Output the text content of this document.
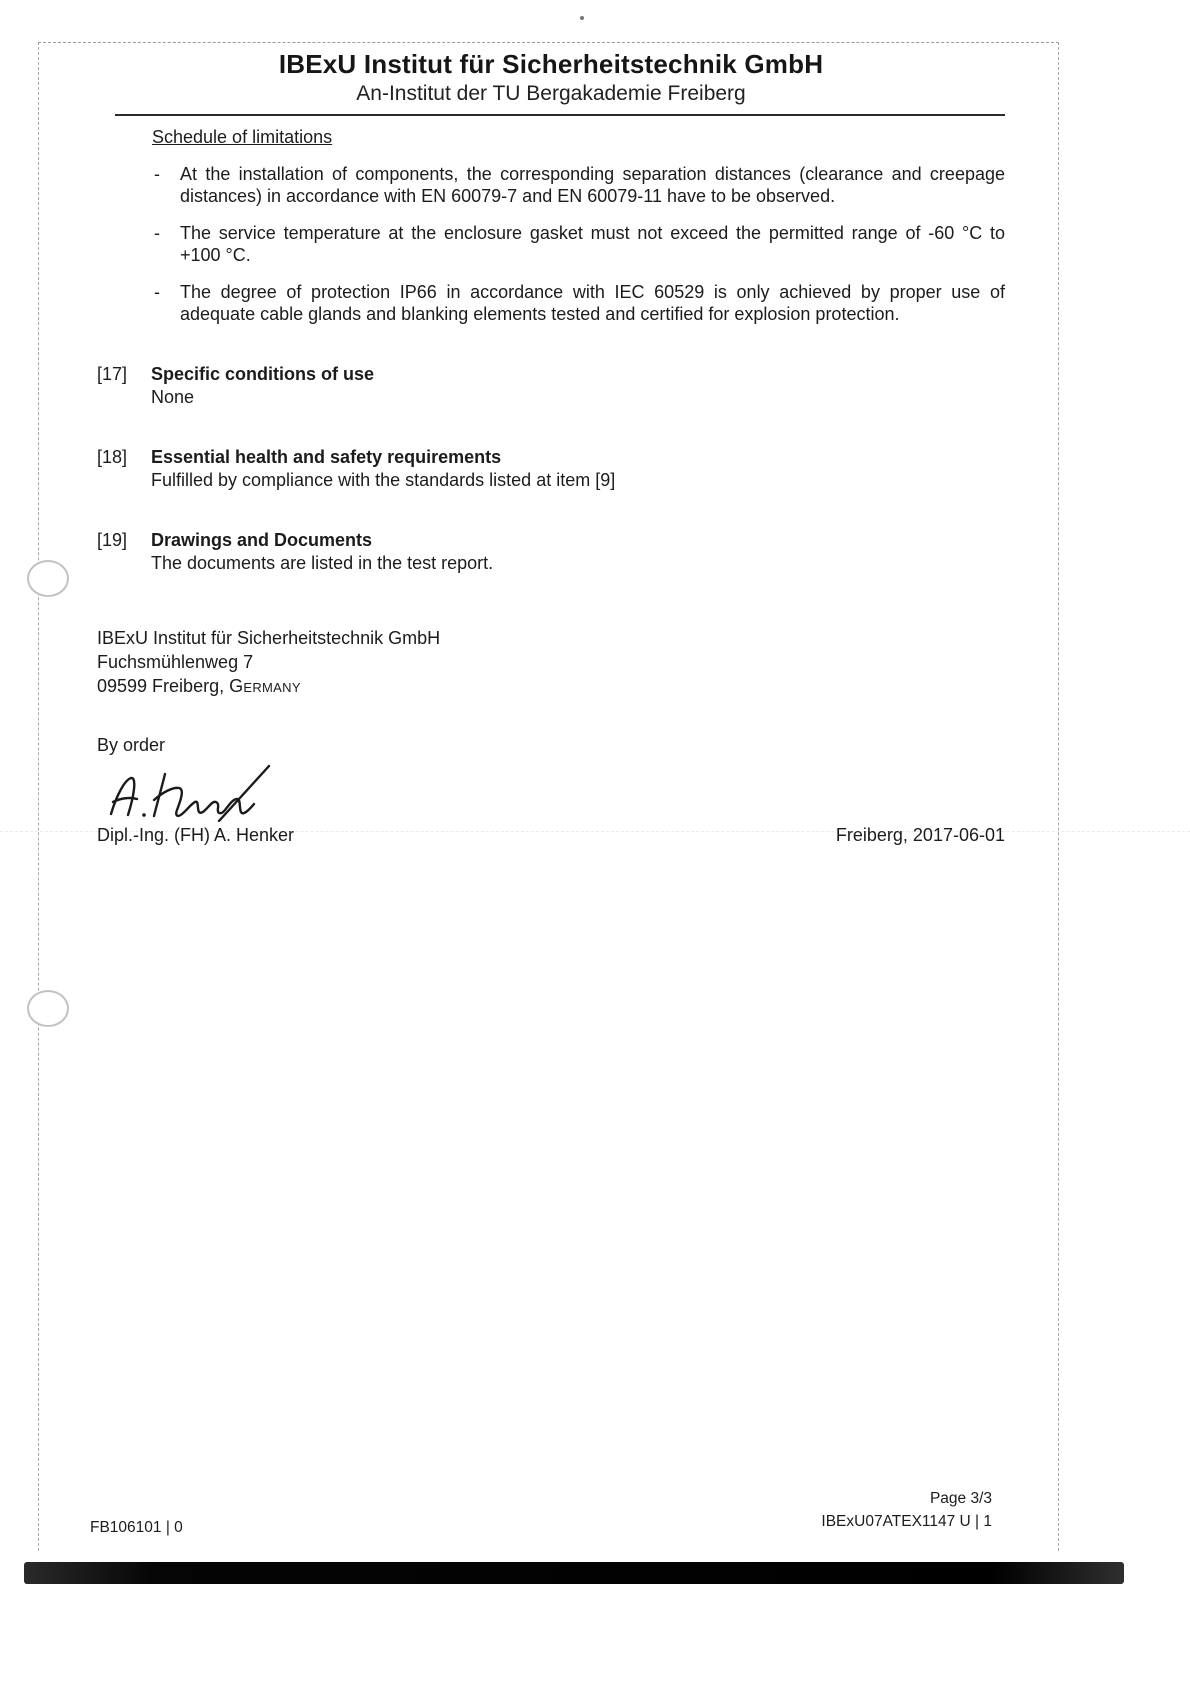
IBExU Institut für Sicherheitstechnik GmbH
An-Institut der TU Bergakademie Freiberg
Schedule of limitations
-	At the installation of components, the corresponding separation distances (clearance and creepage distances) in accordance with EN 60079-7 and EN 60079-11 have to be observed.
-	The service temperature at the enclosure gasket must not exceed the permitted range of -60 °C to +100 °C.
-	The degree of protection IP66 in accordance with IEC 60529 is only achieved by proper use of adequate cable glands and blanking elements tested and certified for explosion protection.
[17]	Specific conditions of use
None
[18]	Essential health and safety requirements
Fulfilled by compliance with the standards listed at item [9]
[19]	Drawings and Documents
The documents are listed in the test report.
IBExU Institut für Sicherheitstechnik GmbH
Fuchsmühlenweg 7
09599 Freiberg, Germany
By order
Dipl.-Ing. (FH) A. Henker	Freiberg, 2017-06-01
FB106101 | 0
Page 3/3
IBExU07ATEX1147 U | 1
